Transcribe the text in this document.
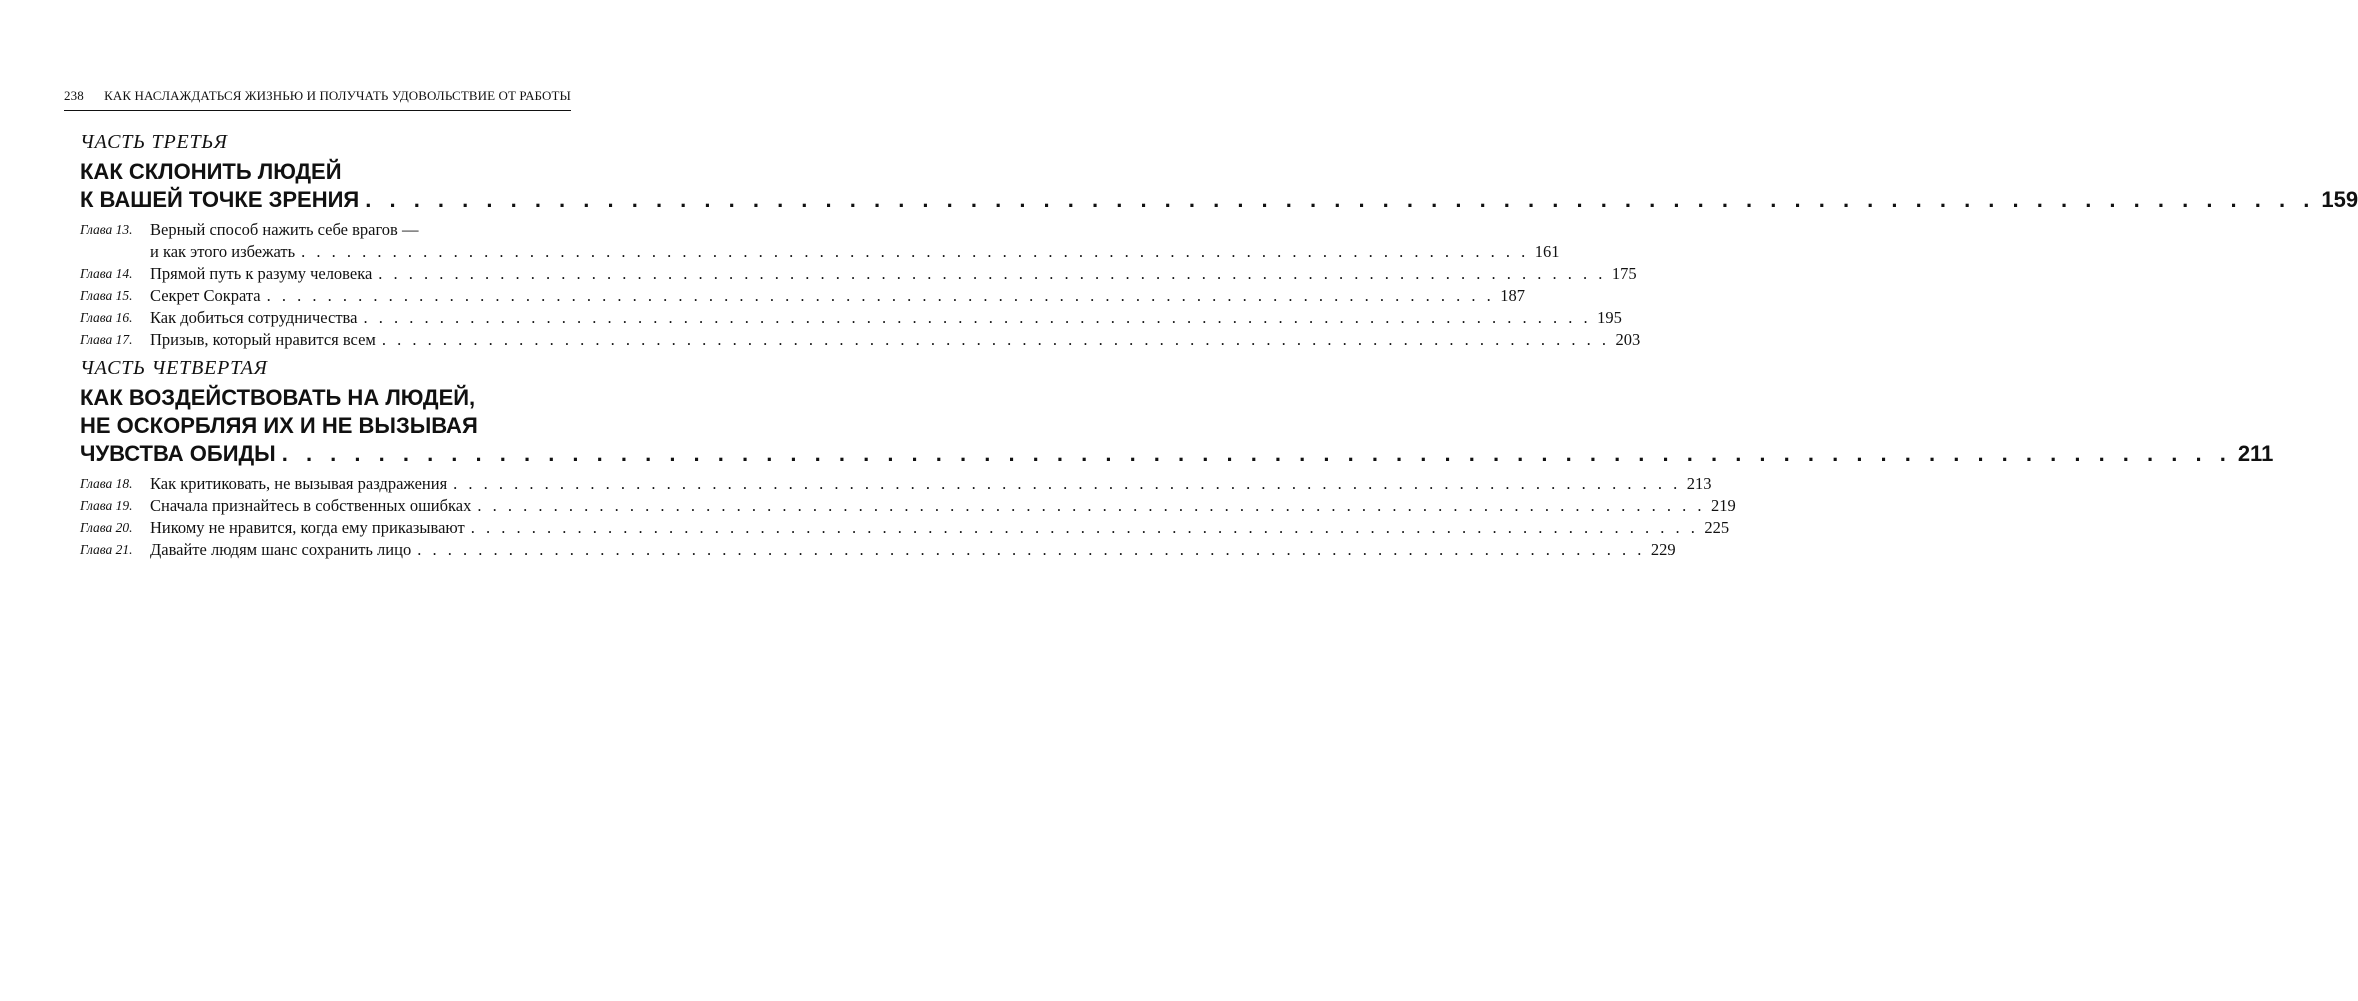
238 КАК НАСЛАЖДАТЬСЯ ЖИЗНЬЮ И ПОЛУЧАТЬ УДОВОЛЬСТВИЕ ОТ РАБОТЫ
ЧАСТЬ ТРЕТЬЯ
КАК СКЛОНИТЬ ЛЮДЕЙ
К ВАШЕЙ ТОЧКЕ ЗРЕНИЯ . . . . . . . . . . . . . . . . . . . . . . . . . . . . . . . . . . . . . . . . . . . . . . . . . . . . . . . . . . . . . . . . . . . . . . . . . . . . . . . . . 159
Глава 13.	Верный способ нажить себе врагов —
и как этого избежать . . . . . . . . . . . . . . . . . . . . . . . . . . . . . . . . . . . . . . . . . . . . . . . . . . . . . . . . . . . . . . . . . . . . . . . . . . . . . . . . . 161
Глава 14.	Прямой путь к разуму человека . . . . . . . . . . . . . . . . . . . . . . . . . . . . . . . . . . . . . . . . . . . . . . . . . . . . . . . . . . . . . . . . . . . . . . . . . . . . . . . . . 175
Глава 15.	Секрет Сократа . . . . . . . . . . . . . . . . . . . . . . . . . . . . . . . . . . . . . . . . . . . . . . . . . . . . . . . . . . . . . . . . . . . . . . . . . . . . . . . . . 187
Глава 16.	Как добиться сотрудничества . . . . . . . . . . . . . . . . . . . . . . . . . . . . . . . . . . . . . . . . . . . . . . . . . . . . . . . . . . . . . . . . . . . . . . . . . . . . . . . . . 195
Глава 17.	Призыв, который нравится всем . . . . . . . . . . . . . . . . . . . . . . . . . . . . . . . . . . . . . . . . . . . . . . . . . . . . . . . . . . . . . . . . . . . . . . . . . . . . . . . . . 203
ЧАСТЬ ЧЕТВЕРТАЯ
КАК ВОЗДЕЙСТВОВАТЬ НА ЛЮДЕЙ,
НЕ ОСКОРБЛЯЯ ИХ И НЕ ВЫЗЫВАЯ
ЧУВСТВА ОБИДЫ . . . . . . . . . . . . . . . . . . . . . . . . . . . . . . . . . . . . . . . . . . . . . . . . . . . . . . . . . . . . . . . . . . . . . . . . . . . . . . . . . 211
Глава 18.	Как критиковать, не вызывая раздражения . . . . . . . . . . . . . . . . . . . . . . . . . . . . . . . . . . . . . . . . . . . . . . . . . . . . . . . . . . . . . . . . . . . . . . . . . . . . . . . . . 213
Глава 19.	Сначала признайтесь в собственных ошибках . . . . . . . . . . . . . . . . . . . . . . . . . . . . . . . . . . . . . . . . . . . . . . . . . . . . . . . . . . . . . . . . . . . . . . . . . . . . . . . . . 219
Глава 20.	Никому не нравится, когда ему приказывают . . . . . . . . . . . . . . . . . . . . . . . . . . . . . . . . . . . . . . . . . . . . . . . . . . . . . . . . . . . . . . . . . . . . . . . . . . . . . . . . . 225
Глава 21.	Давайте людям шанс сохранить лицо . . . . . . . . . . . . . . . . . . . . . . . . . . . . . . . . . . . . . . . . . . . . . . . . . . . . . . . . . . . . . . . . . . . . . . . . . . . . . . . . . 229
